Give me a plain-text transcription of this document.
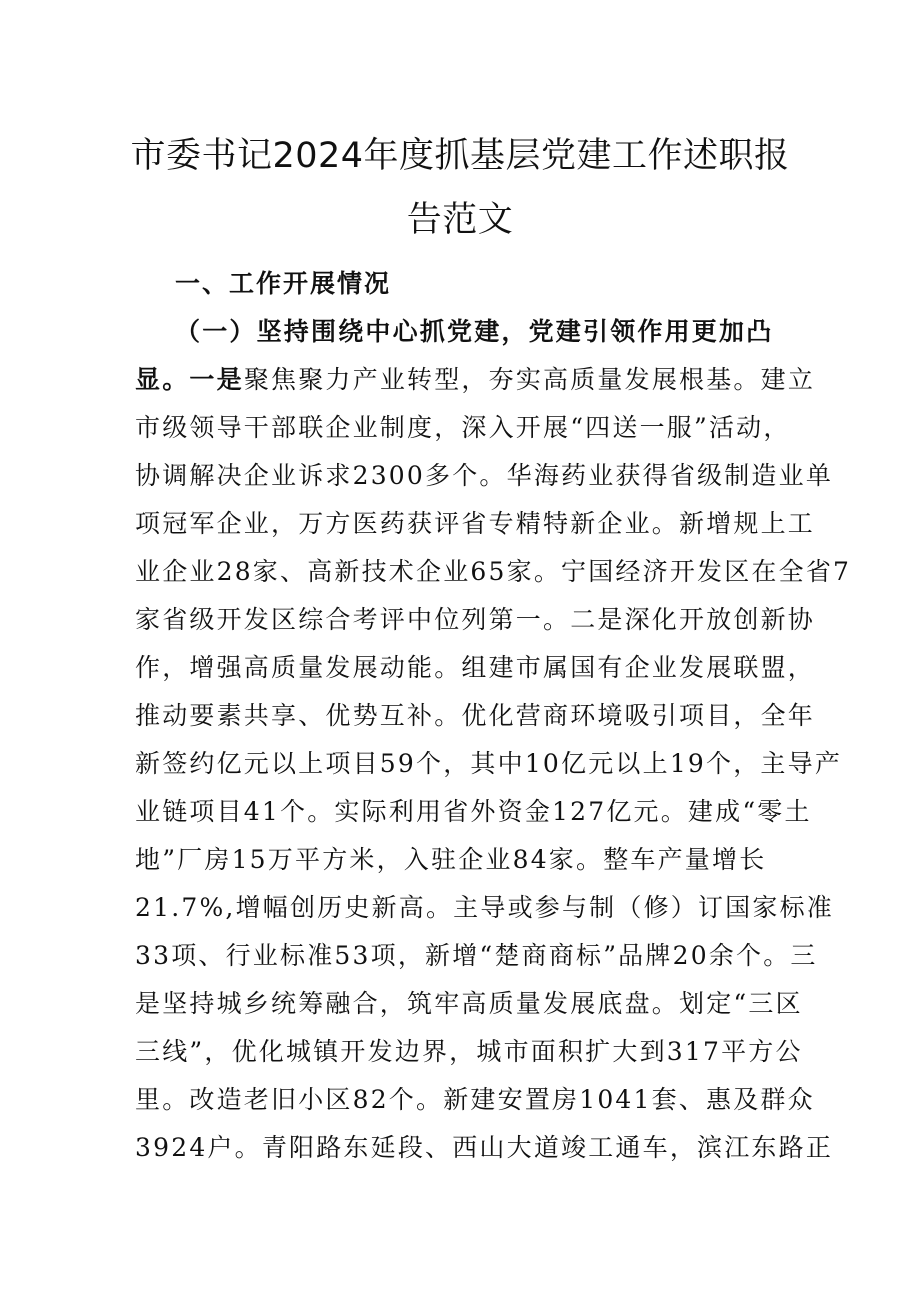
市委书记2024年度抓基层党建工作述职报
告范文
一、工作开展情况
（一）坚持围绕中心抓党建，党建引领作用更加凸
显。一是聚焦聚力产业转型，夯实高质量发展根基。建立
市级领导干部联企业制度，深入开展“四送一服”活动，
协调解决企业诉求2300多个。华海药业获得省级制造业单
项冠军企业，万方医药获评省专精特新企业。新增规上工
业企业28家、高新技术企业65家。宁国经济开发区在全省7
家省级开发区综合考评中位列第一。二是深化开放创新协
作，增强高质量发展动能。组建市属国有企业发展联盟，
推动要素共享、优势互补。优化营商环境吸引项目，全年
新签约亿元以上项目59个，其中10亿元以上19个，主导产
业链项目41个。实际利用省外资金127亿元。建成“零土
地”厂房15万平方米，入驻企业84家。整车产量增长
21.7%,增幅创历史新高。主导或参与制（修）订国家标准
33项、行业标准53项，新增“楚商商标”品牌20余个。三
是坚持城乡统筹融合，筑牢高质量发展底盘。划定“三区
三线”，优化城镇开发边界，城市面积扩大到317平方公
里。改造老旧小区82个。新建安置房1041套、惠及群众
3924户。青阳路东延段、西山大道竣工通车，滨江东路正
